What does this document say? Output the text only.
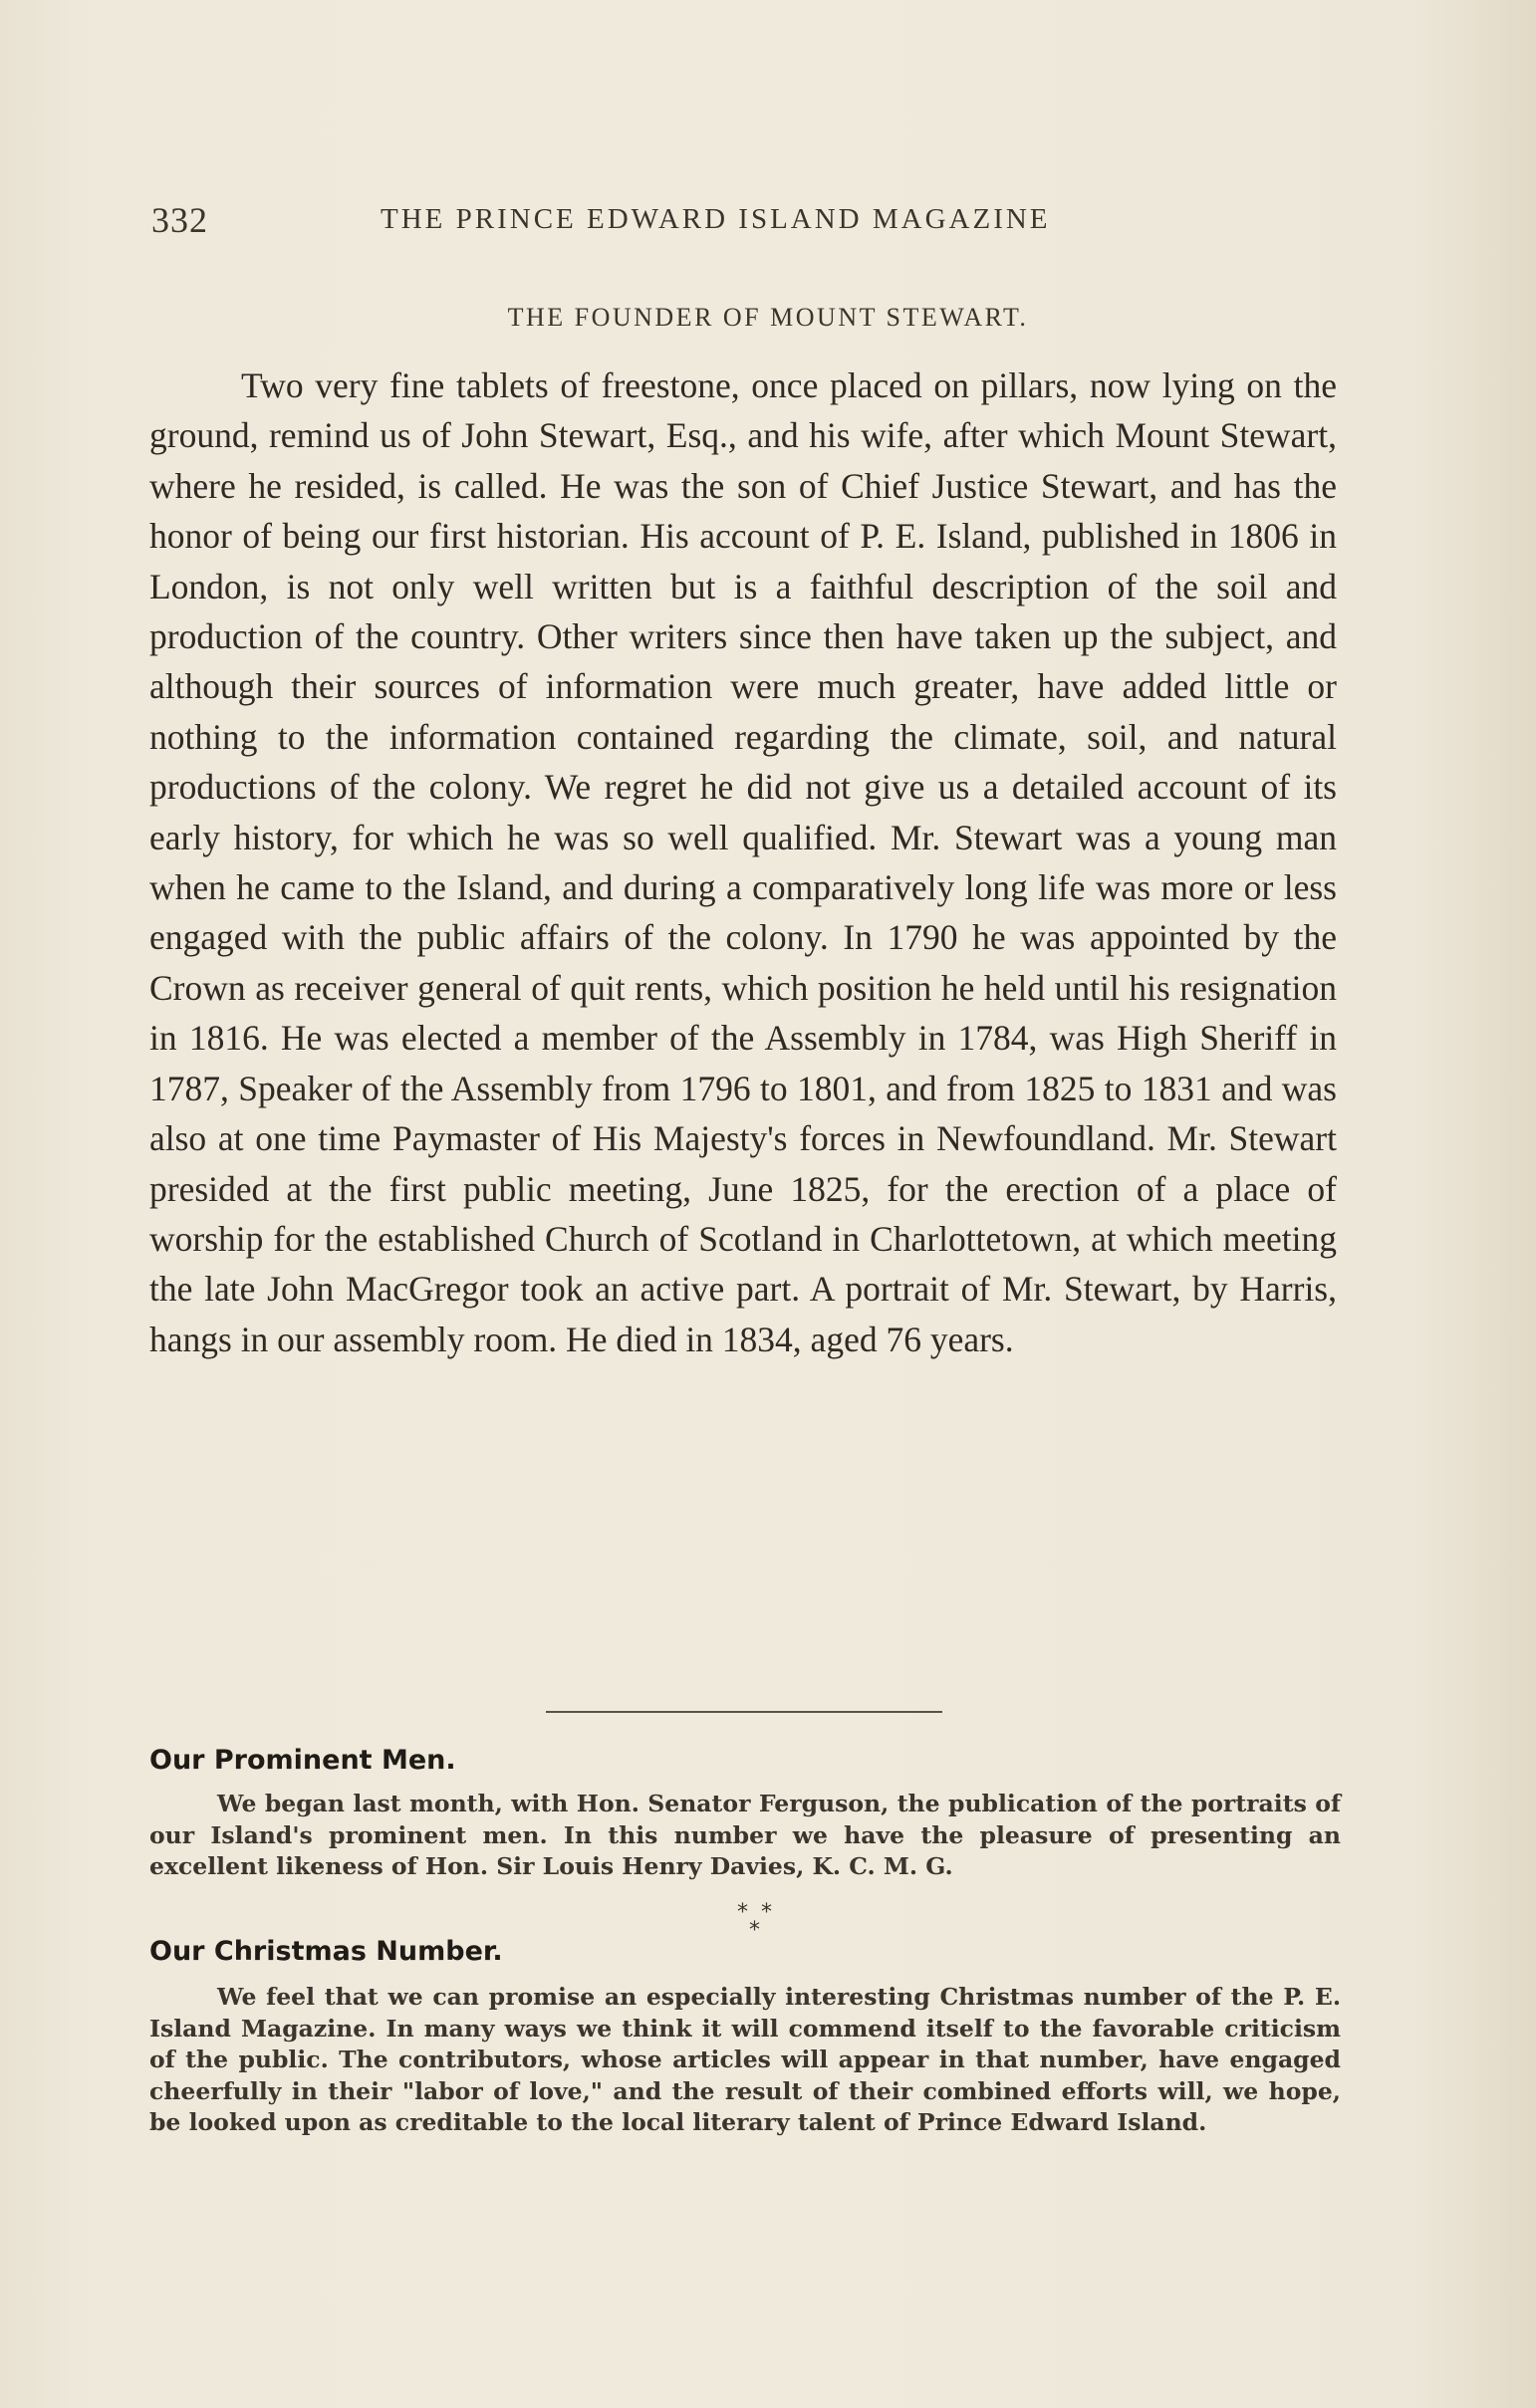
332	THE PRINCE EDWARD ISLAND MAGAZINE
THE FOUNDER OF MOUNT STEWART.

Two very fine tablets of freestone, once placed on pillars, now lying on the ground, remind us of John Stewart, Esq., and his wife, after which Mount Stewart, where he resided, is called. He was the son of Chief Justice Stewart, and has the honor of being our first historian. His account of P. E. Island, published in 1806 in London, is not only well written but is a faithful description of the soil and production of the country. Other writers since then have taken up the subject, and although their sources of information were much greater, have added little or nothing to the information contained regarding the climate, soil, and natural productions of the colony. We regret he did not give us a detailed account of its early history, for which he was so well qualified. Mr. Stewart was a young man when he came to the Island, and during a comparatively long life was more or less engaged with the public affairs of the colony. In 1790 he was appointed by the Crown as receiver general of quit rents, which position he held until his resignation in 1816. He was elected a member of the Assembly in 1784, was High Sheriff in 1787, Speaker of the Assembly from 1796 to 1801, and from 1825 to 1831 and was also at one time Paymaster of His Majesty's forces in Newfoundland. Mr. Stewart presided at the first public meeting, June 1825, for the erection of a place of worship for the established Church of Scotland in Charlottetown, at which meeting the late John MacGregor took an active part. A portrait of Mr. Stewart, by Harris, hangs in our assembly room. He died in 1834, aged 76 years.

Our Prominent Men.

We began last month, with Hon. Senator Ferguson, the publication of the portraits of our Island's prominent men. In this number we have the pleasure of presenting an excellent likeness of Hon. Sir Louis Henry Davies, K. C. M. G.

* *
*
Our Christmas Number.

We feel that we can promise an especially interesting Christmas number of the P. E. Island Magazine. In many ways we think it will commend itself to the favorable criticism of the public. The contributors, whose articles will appear in that number, have engaged cheerfully in their "labor of love," and the result of their combined efforts will, we hope, be looked upon as creditable to the local literary talent of Prince Edward Island.
